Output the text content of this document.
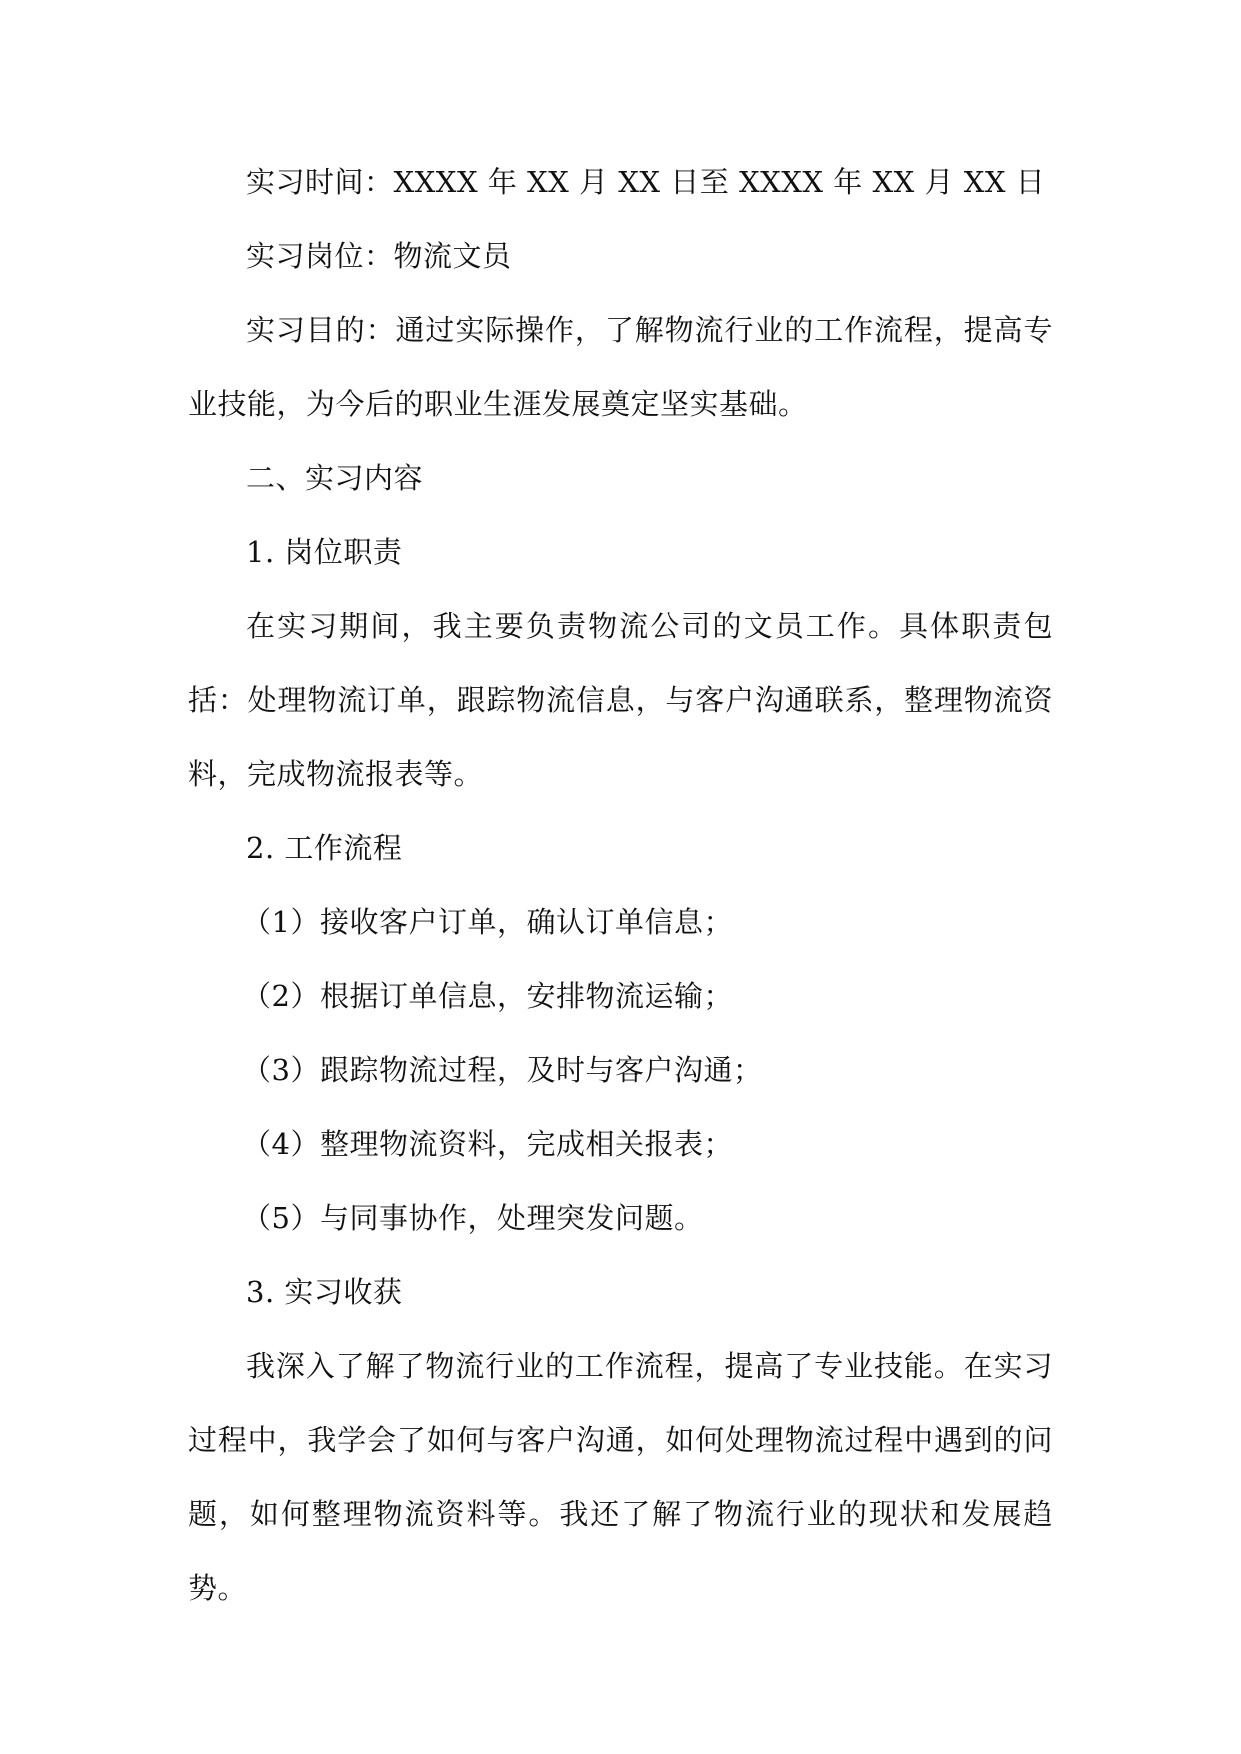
实习时间：XXXX 年 XX 月 XX 日至 XXXX 年 XX 月 XX 日
实习岗位：物流文员

实习目的：通过实际操作，了解物流行业的工作流程，提高专业技能，为今后的职业生涯发展奠定坚实基础。

二、实习内容
1. 岗位职责

在实习期间，我主要负责物流公司的文员工作。具体职责包括：处理物流订单，跟踪物流信息，与客户沟通联系，整理物流资料，完成物流报表等。

2. 工作流程
（1）接收客户订单，确认订单信息；
（2）根据订单信息，安排物流运输；
（3）跟踪物流过程，及时与客户沟通；
（4）整理物流资料，完成相关报表；
（5）与同事协作，处理突发问题。
3. 实习收获

我深入了解了物流行业的工作流程，提高了专业技能。在实习过程中，我学会了如何与客户沟通，如何处理物流过程中遇到的问题，如何整理物流资料等。我还了解了物流行业的现状和发展趋势。
